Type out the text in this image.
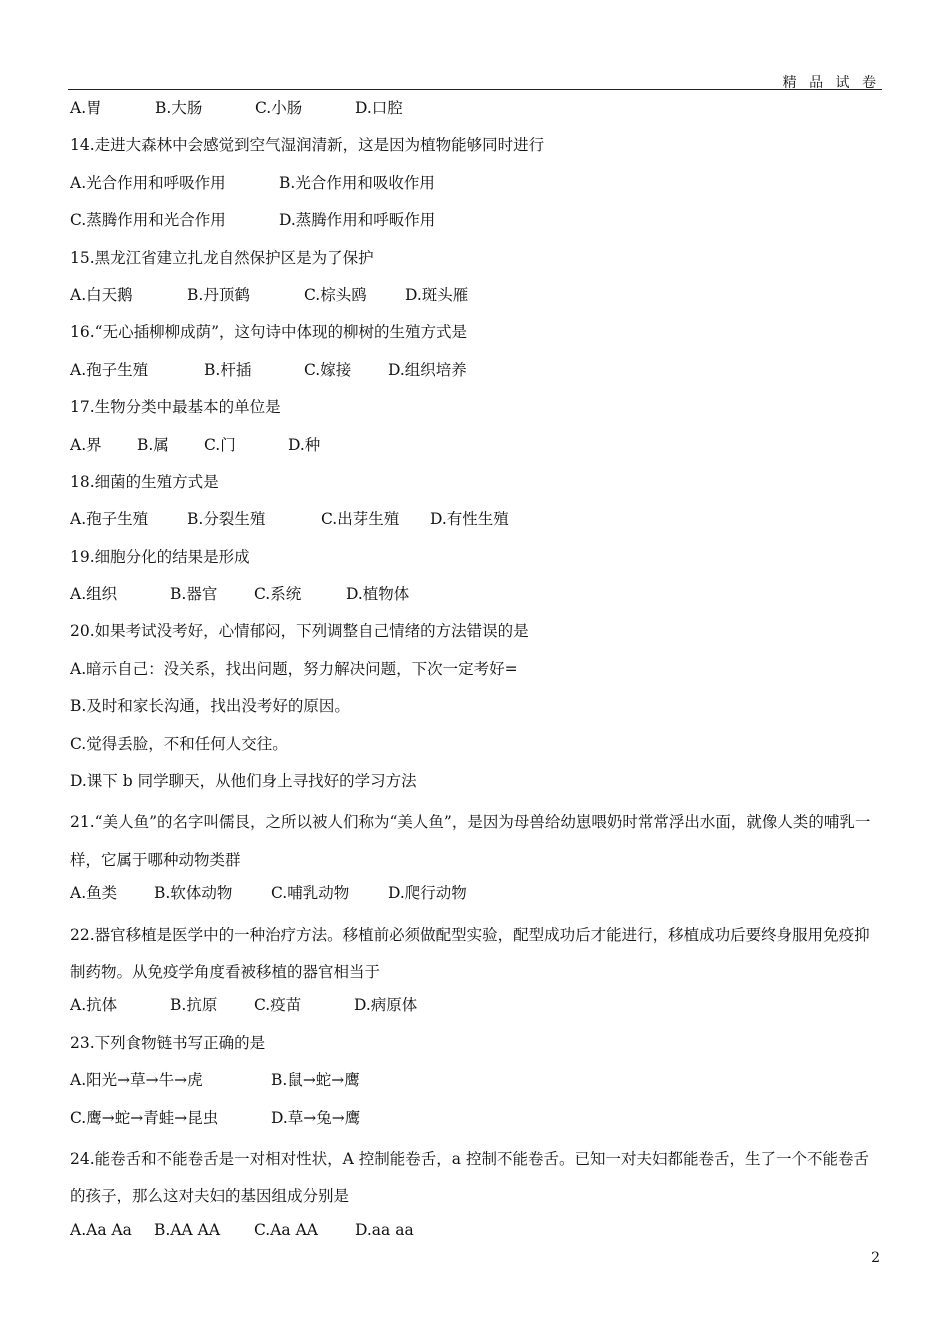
精 品 试 卷
A.胃	B.大肠	C.小肠	D.口腔
14.走进大森林中会感觉到空气湿润清新，这是因为植物能够同时进行
A.光合作用和呼吸作用	B.光合作用和吸收作用
C.蒸腾作用和光合作用	D.蒸腾作用和呼畈作用
15.黑龙江省建立扎龙自然保护区是为了保护
A.白天鹅	B.丹顶鹤	C.棕头鸥	D.斑头雁
16.“无心插柳柳成荫”，这句诗中体现的柳树的生殖方式是
A.孢子生殖	B.杆插	C.嫁接	D.组织培养
17.生物分类中最基本的单位是
A.界	B.属	C.门	D.种
18.细菌的生殖方式是
A.孢子生殖	B.分裂生殖	C.出芽生殖	D.有性生殖
19.细胞分化的结果是形成
A.组织	B.器官	C.系统	D.植物体
20.如果考试没考好，心情郁闷，下列调整自己情绪的方法错误的是
A.暗示自己：没关系，找出问题，努力解决问题，下次一定考好=
B.及时和家长沟通，找出没考好的原因。
C.觉得丢脸，不和任何人交往。
D.课下 b 同学聊天，从他们身上寻找好的学习方法
21.“美人鱼”的名字叫儒艮，之所以被人们称为“美人鱼”，是因为母兽给幼崽喂奶时常常浮出水面，就像人类的哺乳一样，它属于哪种动物类群
A.鱼类	B.软体动物	C.哺乳动物	D.爬行动物
22.器官移植是医学中的一种治疗方法。移植前必须做配型实验，配型成功后才能进行，移植成功后要终身服用免疫抑制药物。从免疫学角度看被移植的器官相当于
A.抗体	B.抗原	C.疫苗	D.病原体
23.下列食物链书写正确的是
A.阳光→草→牛→虎	B.鼠→蛇→鹰
C.鹰→蛇→青蛙→昆虫	D.草→兔→鹰
24.能卷舌和不能卷舌是一对相对性状，A 控制能卷舌，a 控制不能卷舌。已知一对夫妇都能卷舌，生了一个不能卷舌的孩子，那么这对夫妇的基因组成分别是
A.Aa Aa	B.AA AA	C.Aa AA	D.aa aa
2
